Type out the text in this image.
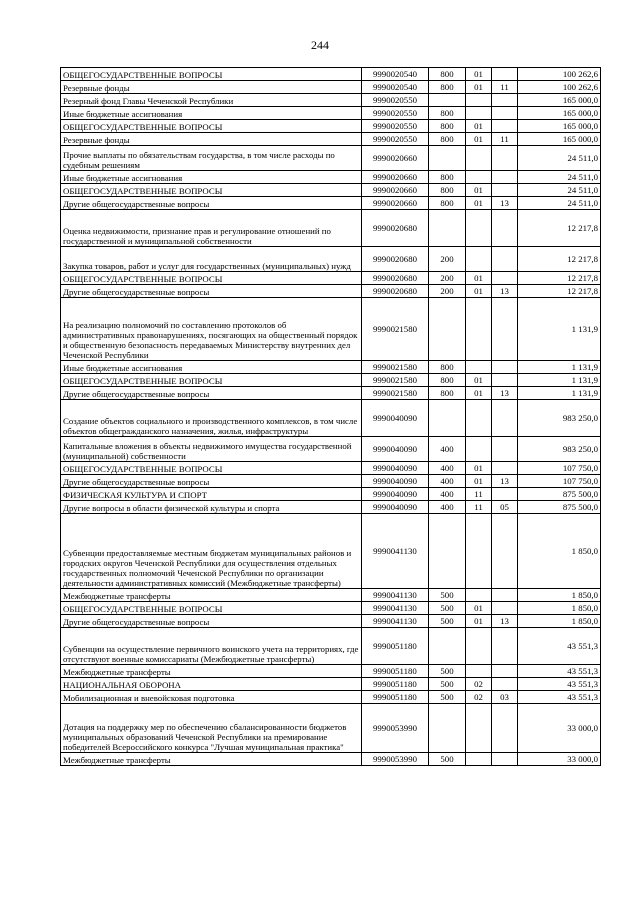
244
ОБЩЕГОСУДАРСТВЕННЫЕ ВОПРОСЫ	9990020540	800	01		100 262,6
Резервные фонды	9990020540	800	01	11	100 262,6
Резерный фонд Главы Чеченской Республики	9990020550				165 000,0
Иные бюджетные ассигнования	9990020550	800			165 000,0
ОБЩЕГОСУДАРСТВЕННЫЕ ВОПРОСЫ	9990020550	800	01		165 000,0
Резервные фонды	9990020550	800	01	11	165 000,0
Прочие выплаты по обязательствам государства, в том числе расходы по судебным решениям	9990020660				24 511,0
Иные бюджетные ассигнования	9990020660	800			24 511,0
ОБЩЕГОСУДАРСТВЕННЫЕ ВОПРОСЫ	9990020660	800	01		24 511,0
Другие общегосударственные вопросы	9990020660	800	01	13	24 511,0
Оценка недвижимости, признание прав и регулирование отношений по государственной и муниципальной собственности	9990020680				12 217,8
Закупка товаров, работ и услуг для государственных (муниципальных) нужд	9990020680	200			12 217,8
ОБЩЕГОСУДАРСТВЕННЫЕ ВОПРОСЫ	9990020680	200	01		12 217,8
Другие общегосударственные вопросы	9990020680	200	01	13	12 217,8
На реализацию полномочий по составлению протоколов об административных правонарушениях, посягающих на общественный порядок и общественную безопасность передаваемых Министерству внутренних дел Чеченской Республики	9990021580				1 131,9
Иные бюджетные ассигнования	9990021580	800			1 131,9
ОБЩЕГОСУДАРСТВЕННЫЕ ВОПРОСЫ	9990021580	800	01		1 131,9
Другие общегосударственные вопросы	9990021580	800	01	13	1 131,9
Создание объектов социального и производственного комплексов, в том числе объектов общегражданского назначения, жилья, инфраструктуры	9990040090				983 250,0
Капитальные вложения в объекты недвижимого имущества государственной (муниципальной) собственности	9990040090	400			983 250,0
ОБЩЕГОСУДАРСТВЕННЫЕ ВОПРОСЫ	9990040090	400	01		107 750,0
Другие общегосударственные вопросы	9990040090	400	01	13	107 750,0
ФИЗИЧЕСКАЯ КУЛЬТУРА И СПОРТ	9990040090	400	11		875 500,0
Другие вопросы в области физической культуры и спорта	9990040090	400	11	05	875 500,0
Субвенции предоставляемые местным бюджетам муниципальных районов и городских округов Чеченской Республики для осуществления отдельных государственных полномочий Чеченской Республики по организации деятельности административных комиссий (Межбюджетные трансферты)	9990041130				1 850,0
Межбюджетные трансферты	9990041130	500			1 850,0
ОБЩЕГОСУДАРСТВЕННЫЕ ВОПРОСЫ	9990041130	500	01		1 850,0
Другие общегосударственные вопросы	9990041130	500	01	13	1 850,0
Субвенции на осуществление первичного воинского учета на территориях, где отсутствуют военные комиссариаты (Межбюджетные трансферты)	9990051180				43 551,3
Межбюджетные трансферты	9990051180	500			43 551,3
НАЦИОНАЛЬНАЯ ОБОРОНА	9990051180	500	02		43 551,3
Мобилизационная и вневойсковая подготовка	9990051180	500	02	03	43 551,3
Дотация на поддержку мер по обеспечению сбалансированности бюджетов муниципальных образований Чеченской Республики на премирование победителей Всероссийского конкурса "Лучшая муниципальная практика"	9990053990				33 000,0
Межбюджетные трансферты	9990053990	500			33 000,0
